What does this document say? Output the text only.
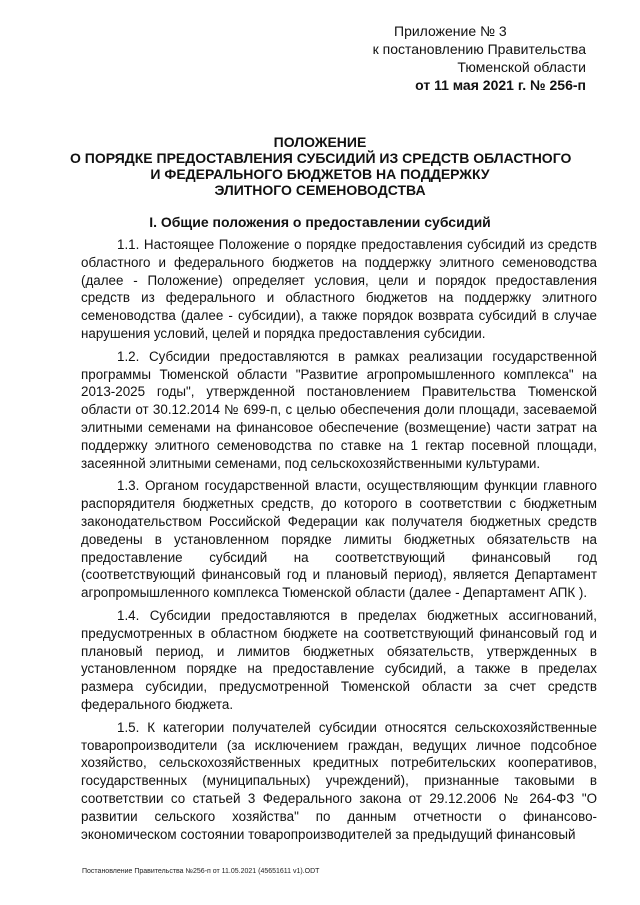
Приложение № 3
к постановлению Правительства
Тюменской области
от 11 мая 2021 г. № 256-п
ПОЛОЖЕНИЕ
О ПОРЯДКЕ ПРЕДОСТАВЛЕНИЯ СУБСИДИЙ ИЗ СРЕДСТВ ОБЛАСТНОГО
И ФЕДЕРАЛЬНОГО БЮДЖЕТОВ НА ПОДДЕРЖКУ
ЭЛИТНОГО СЕМЕНОВОДСТВА
I. Общие положения о предоставлении субсидий

1.1. Настоящее Положение о порядке предоставления субсидий из средств областного и федерального бюджетов на поддержку элитного семеноводства (далее - Положение) определяет условия, цели и порядок предоставления средств из федерального и областного бюджетов на поддержку элитного семеноводства (далее - субсидии), а также порядок возврата субсидий в случае нарушения условий, целей и порядка предоставления субсидии.

1.2. Субсидии предоставляются в рамках реализации государственной программы Тюменской области "Развитие агропромышленного комплекса" на 2013-2025 годы", утвержденной постановлением Правительства Тюменской области от 30.12.2014 № 699-п, с целью обеспечения доли площади, засеваемой элитными семенами на финансовое обеспечение (возмещение) части затрат на поддержку элитного семеноводства по ставке на 1 гектар посевной площади, засеянной элитными семенами, под сельскохозяйственными культурами.

1.3. Органом государственной власти, осуществляющим функции главного распорядителя бюджетных средств, до которого в соответствии с бюджетным законодательством Российской Федерации как получателя бюджетных средств доведены в установленном порядке лимиты бюджетных обязательств на предоставление субсидий на соответствующий финансовый год (соответствующий финансовый год и плановый период), является Департамент агропромышленного комплекса Тюменской области (далее - Департамент АПК ).

1.4. Субсидии предоставляются в пределах бюджетных ассигнований, предусмотренных в областном бюджете на соответствующий финансовый год и плановый период, и лимитов бюджетных обязательств, утвержденных в установленном порядке на предоставление субсидий, а также в пределах размера субсидии, предусмотренной Тюменской области за счет средств федерального бюджета.

1.5. К категории получателей субсидии относятся сельскохозяйственные товаропроизводители (за исключением граждан, ведущих личное подсобное хозяйство, сельскохозяйственных кредитных потребительских кооперативов, государственных (муниципальных) учреждений), признанные таковыми в соответствии со статьей 3 Федерального закона от 29.12.2006 № 264-ФЗ "О развитии сельского хозяйства" по данным отчетности о финансово-экономическом состоянии товаропроизводителей за предыдущий финансовый

Постановление Правительства №256-п от 11.05.2021 (45651611 v1).ODT
